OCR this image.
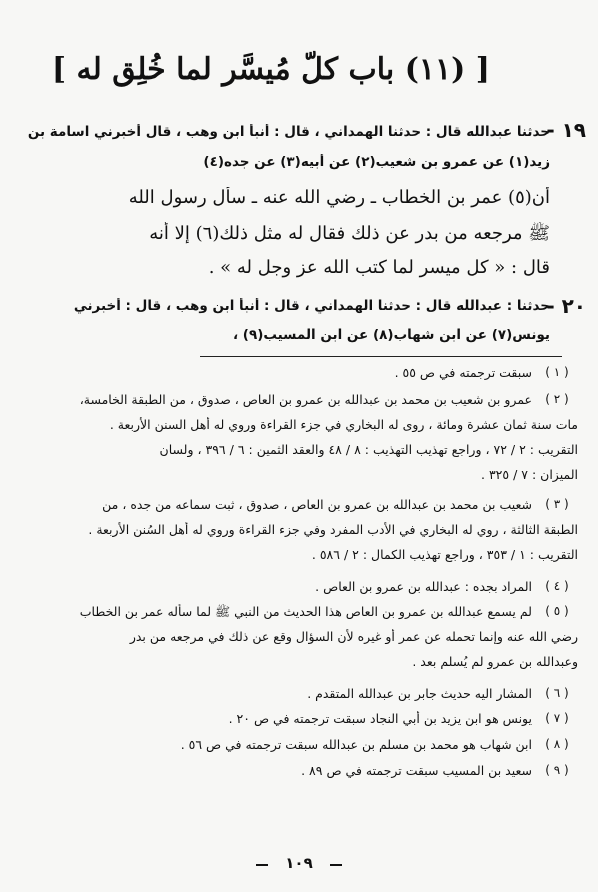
[ (١١) باب كلّ مُيسَّر لما خُلِق له ]
١٩ -
حدثنا عبدالله قال : حدثنا الهمداني ، قال : أنبأ ابن وهب ، قال أخبرني اسامة بن
زيد(١) عن عمرو بن شعيب(٢) عن أبيه(٣) عن جده(٤)
أن(٥) عمر بن الخطاب ـ رضي الله عنه ـ سأل رسول الله
ﷺ مرجعه من بدر عن ذلك فقال له مثل ذلك(٦) إلا أنه
قال : « كل ميسر لما كتب الله عز وجل له » .
٢٠ -
حدثنا : عبدالله قال : حدثنا الهمداني ، قال : أنبأ ابن وهب ، قال : أخبرني
يونس(٧) عن ابن شهاب(٨) عن ابن المسيب(٩) ،
( ١ )
سبقت ترجمته في ص ٥٥ .
( ٢ )
عمرو بن شعيب بن محمد بن عبدالله بن عمرو بن العاص ، صدوق ، من الطبقة الخامسة،
مات سنة ثمان عشرة ومائة ، روى له البخاري في جزء القراءة وروي له أهل السنن الأربعة .
التقريب : ٢ / ٧٢ ، وراجع تهذيب التهذيب : ٨ / ٤٨ والعقد الثمين : ٦ / ٣٩٦ ، ولسان
الميزان : ٧ / ٣٢٥ .
( ٣ )
شعيب بن محمد بن عبدالله بن عمرو بن العاص ، صدوق ، ثبت سماعه من جده ، من
الطبقة الثالثة ، روي له البخاري في الأدب المفرد وفي جزء القراءة وروي له أهل السُنن الأربعة .
التقريب : ١ / ٣٥٣ ، وراجع تهذيب الكمال : ٢ / ٥٨٦ .
( ٤ )
المراد بجده : عبدالله بن عمرو بن العاص .
( ٥ )
لم يسمع عبدالله بن عمرو بن العاص هذا الحديث من النبي ﷺ لما سأله عمر بن الخطاب
رضي الله عنه وإنما تحمله عن عمر أو غيره لأن السؤال وقع عن ذلك في مرجعه من بدر
وعبدالله بن عمرو لم يُسلم بعد .
( ٦ )
المشار اليه حديث جابر بن عبدالله المتقدم .
( ٧ )
يونس هو ابن يزيد بن أبي النجاد سبقت ترجمته في ص ٢٠ .
( ٨ )
ابن شهاب هو محمد بن مسلم بن عبدالله سبقت ترجمته في ص ٥٦ .
( ٩ )
سعيد بن المسيب سبقت ترجمته في ص ٨٩ .
١٠٩
